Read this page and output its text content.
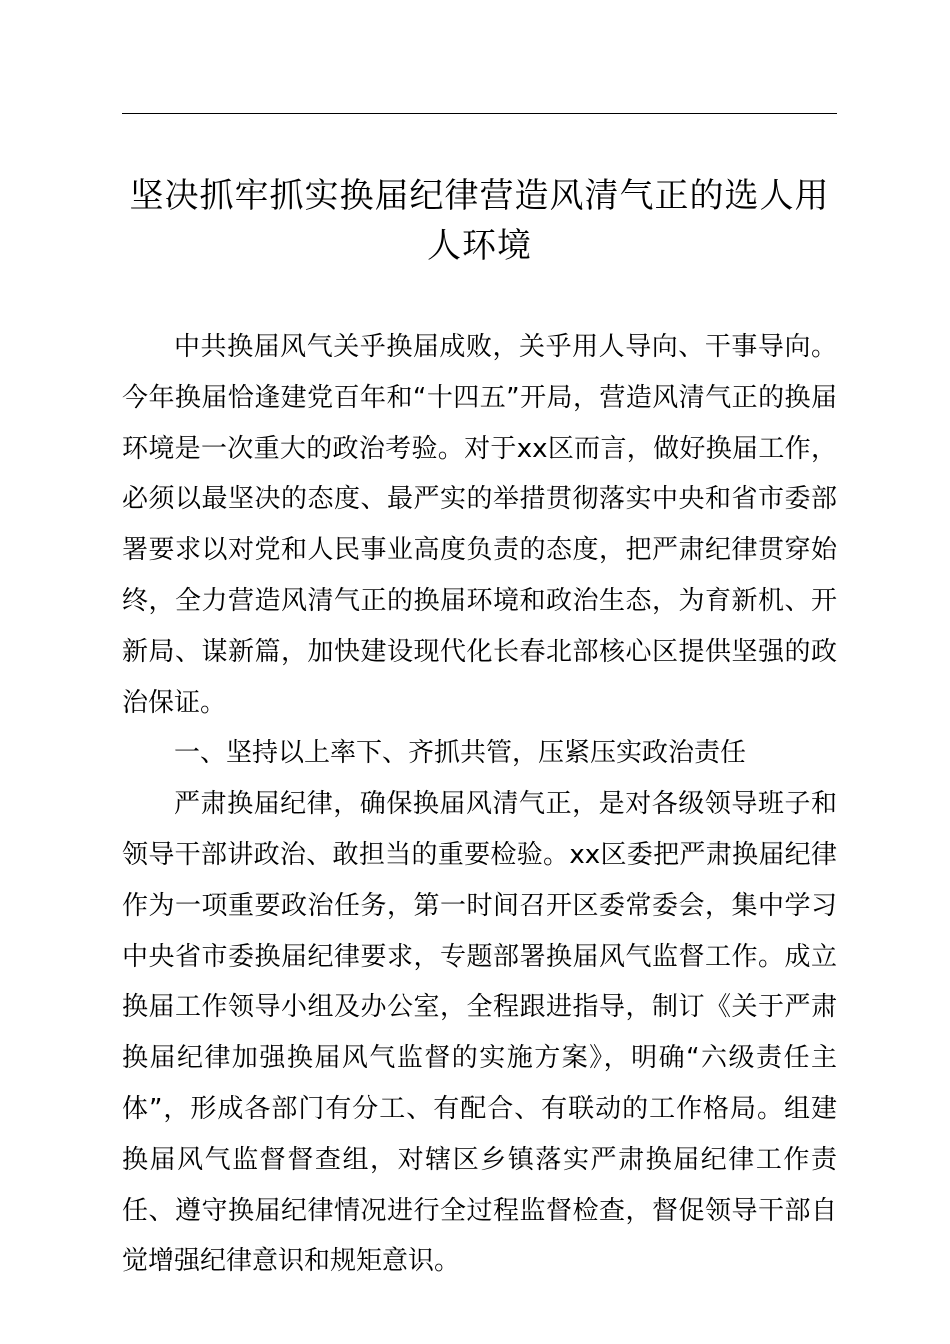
坚决抓牢抓实换届纪律营造风清气正的选人用人环境

中共换届风气关乎换届成败，关乎用人导向、干事导向。今年换届恰逢建党百年和“十四五”开局，营造风清气正的换届环境是一次重大的政治考验。对于xx区而言，做好换届工作，必须以最坚决的态度、最严实的举措贯彻落实中央和省市委部署要求以对党和人民事业高度负责的态度，把严肃纪律贯穿始终，全力营造风清气正的换届环境和政治生态，为育新机、开新局、谋新篇，加快建设现代化长春北部核心区提供坚强的政治保证。

一、坚持以上率下、齐抓共管，压紧压实政治责任

严肃换届纪律，确保换届风清气正，是对各级领导班子和领导干部讲政治、敢担当的重要检验。xx区委把严肃换届纪律作为一项重要政治任务，第一时间召开区委常委会，集中学习中央省市委换届纪律要求，专题部署换届风气监督工作。成立换届工作领导小组及办公室，全程跟进指导，制订《关于严肃换届纪律加强换届风气监督的实施方案》，明确“六级责任主体”，形成各部门有分工、有配合、有联动的工作格局。组建换届风气监督督查组，对辖区乡镇落实严肃换届纪律工作责任、遵守换届纪律情况进行全过程监督检查，督促领导干部自觉增强纪律意识和规矩意识。
